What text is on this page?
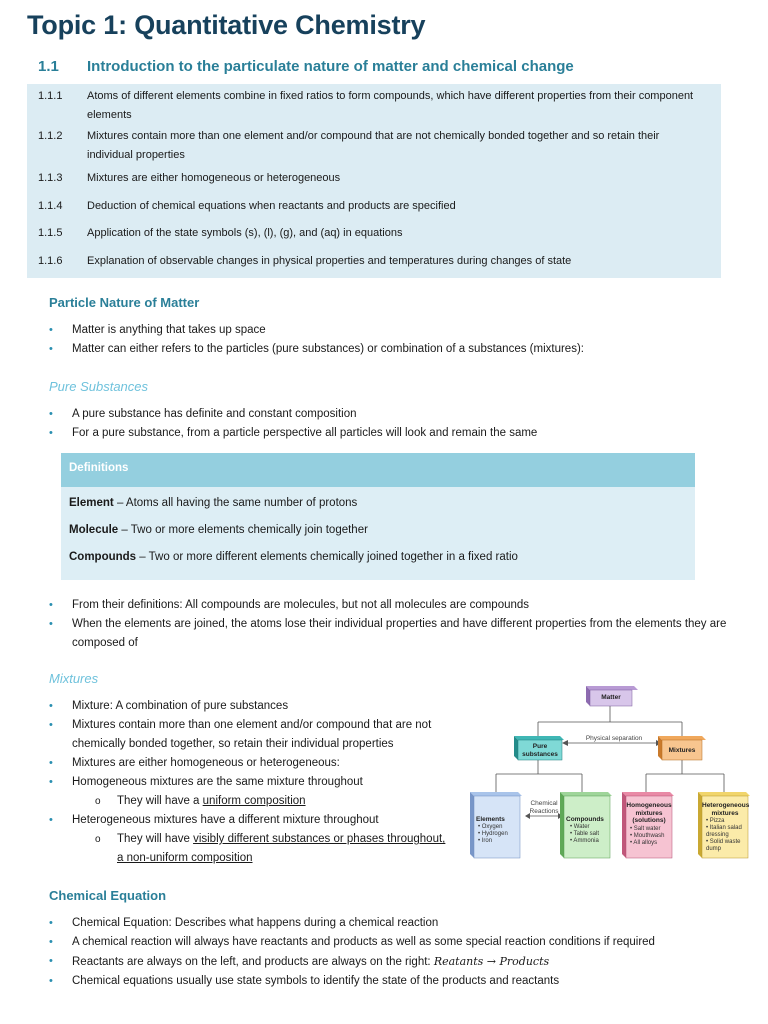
Topic 1: Quantitative Chemistry
1.1 Introduction to the particulate nature of matter and chemical change
1.1.1 Atoms of different elements combine in fixed ratios to form compounds, which have different properties from their component elements
1.1.2 Mixtures contain more than one element and/or compound that are not chemically bonded together and so retain their individual properties
1.1.3 Mixtures are either homogeneous or heterogeneous
1.1.4 Deduction of chemical equations when reactants and products are specified
1.1.5 Application of the state symbols (s), (l), (g), and (aq) in equations
1.1.6 Explanation of observable changes in physical properties and temperatures during changes of state
Particle Nature of Matter
• Matter is anything that takes up space
• Matter can either refers to the particles (pure substances) or combination of a substances (mixtures):
Pure Substances
• A pure substance has definite and constant composition
• For a pure substance, from a particle perspective all particles will look and remain the same
Definitions
Element – Atoms all having the same number of protons
Molecule – Two or more elements chemically join together
Compounds – Two or more different elements chemically joined together in a fixed ratio
• From their definitions: All compounds are molecules, but not all molecules are compounds
• When the elements are joined, the atoms lose their individual properties and have different properties from the elements they are composed of
Mixtures
• Mixture: A combination of pure substances
• Mixtures contain more than one element and/or compound that are not chemically bonded together, so retain their individual properties
• Mixtures are either homogeneous or heterogeneous:
• Homogeneous mixtures are the same mixture throughout
o They will have a uniform composition
• Heterogeneous mixtures have a different mixture throughout
o They will have visibly different substances or phases throughout, a non-uniform composition
Matter
Pure substances
Physical separation
Mixtures
Chemical Reactions
Elements
• Oxygen
• Hydrogen
• Iron
Compounds
• Water
• Table salt
• Ammonia
Homogeneous mixtures (solutions)
• Salt water
• Mouthwash
• All alloys
Heterogeneous mixtures
• Pizza
• Italian salad dressing
• Solid waste dump
Chemical Equation
• Chemical Equation: Describes what happens during a chemical reaction
• A chemical reaction will always have reactants and products as well as some special reaction conditions if required
• Reactants are always on the left, and products are always on the right: Reatants → Products
• Chemical equations usually use state symbols to identify the state of the products and reactants
